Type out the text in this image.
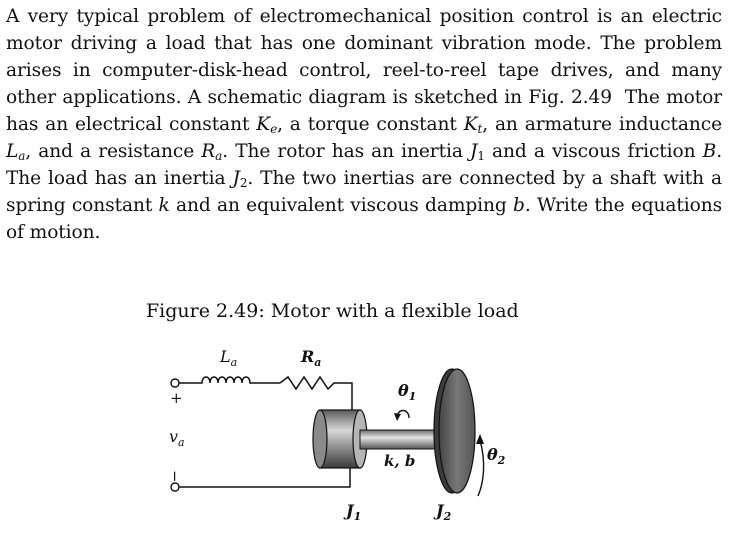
A very typical problem of electromechanical position control is an electric motor driving a load that has one dominant vibration mode. The problem arises in computer-disk-head control, reel-to-reel tape drives, and many other applications. A schematic diagram is sketched in Fig. 2.49 The motor has an electrical constant $K_e$, a torque constant $K_t$, an armature inductance $L_a$, and a resistance $R_a$. The rotor has an inertia $J_1$ and a viscous friction B. The load has an inertia $J_2$. The two inertias are connected by a shaft with a spring constant k and an equivalent viscous damping b. Write the equations of motion.

Figure 2.49: Motor with a flexible load

$L_a$	$R_a$
+
$v_a$
−
$\theta_1$
k, b	$\theta_2$
$J_1$	$J_2$
